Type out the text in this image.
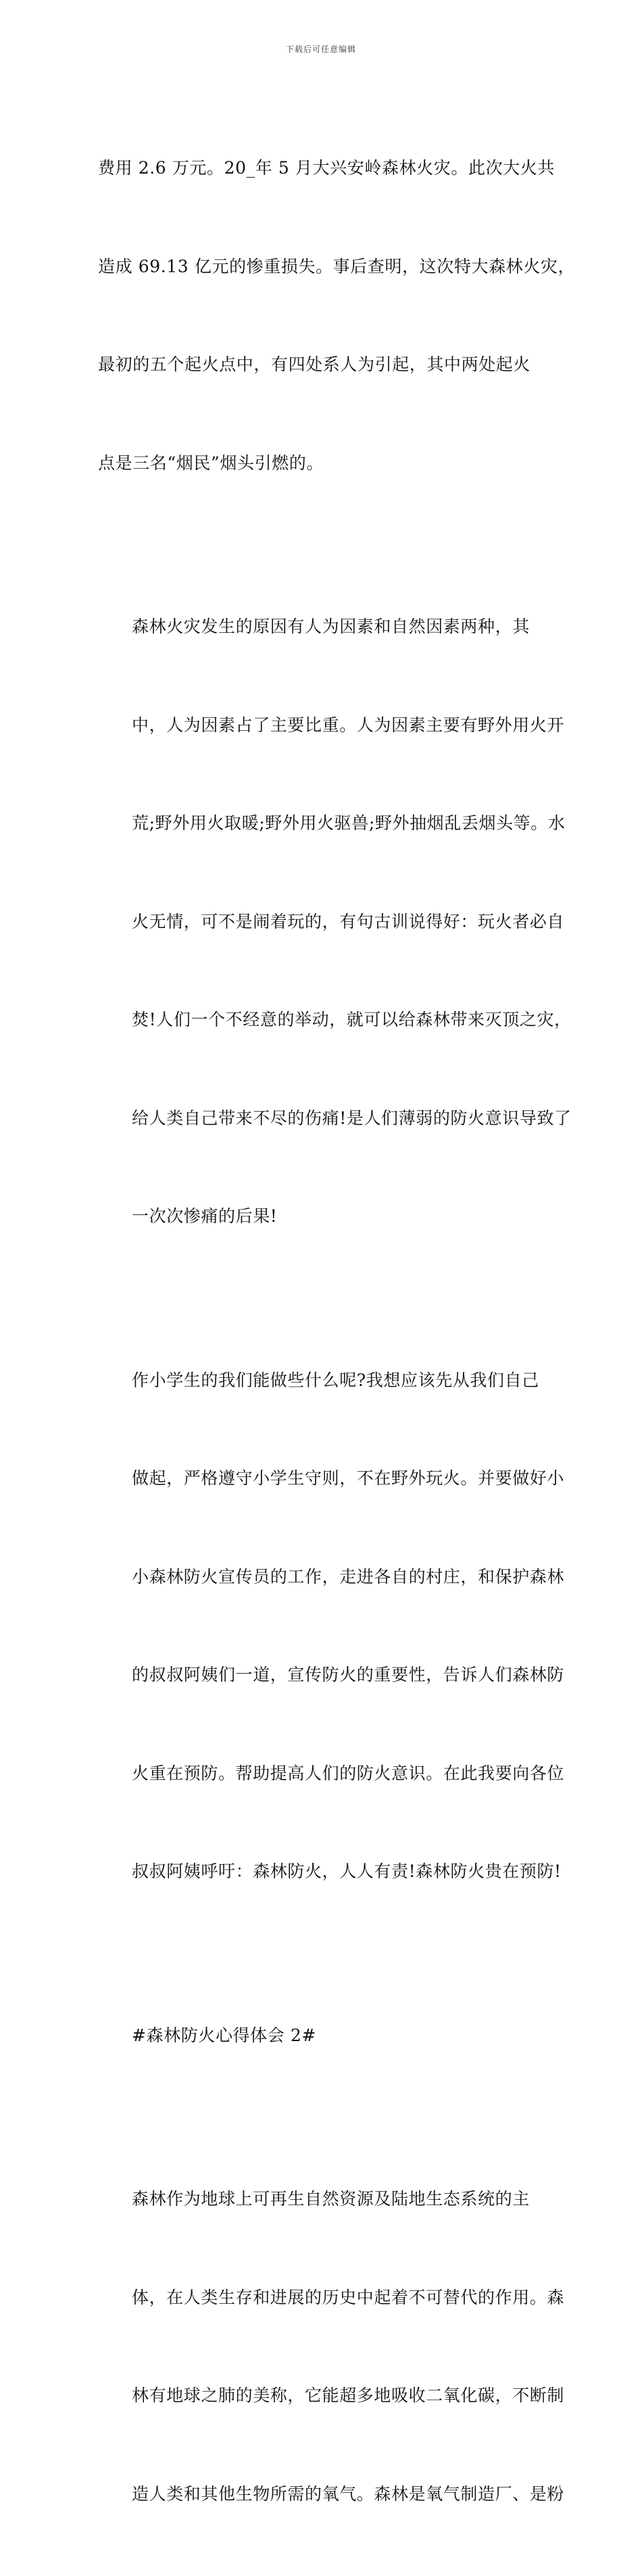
下载后可任意编辑

费用 2.6 万元。20_年 5 月大兴安岭森林火灾。此次大火共

造成 69.13 亿元的惨重损失。事后查明，这次特大森林火灾，

最初的五个起火点中，有四处系人为引起，其中两处起火

点是三名“烟民”烟头引燃的。

森林火灾发生的原因有人为因素和自然因素两种，其

中，人为因素占了主要比重。人为因素主要有野外用火开

荒;野外用火取暖;野外用火驱兽;野外抽烟乱丢烟头等。水

火无情，可不是闹着玩的，有句古训说得好：玩火者必自

焚!人们一个不经意的举动，就可以给森林带来灭顶之灾，

给人类自己带来不尽的伤痛!是人们薄弱的防火意识导致了

一次次惨痛的后果!

作小学生的我们能做些什么呢?我想应该先从我们自己

做起，严格遵守小学生守则，不在野外玩火。并要做好小

小森林防火宣传员的工作，走进各自的村庄，和保护森林

的叔叔阿姨们一道，宣传防火的重要性，告诉人们森林防

火重在预防。帮助提高人们的防火意识。在此我要向各位

叔叔阿姨呼吁：森林防火，人人有责!森林防火贵在预防!

#森林防火心得体会 2#

森林作为地球上可再生自然资源及陆地生态系统的主

体，在人类生存和进展的历史中起着不可替代的作用。森

林有地球之肺的美称，它能超多地吸收二氧化碳，不断制

造人类和其他生物所需的氧气。森林是氧气制造厂、是粉
